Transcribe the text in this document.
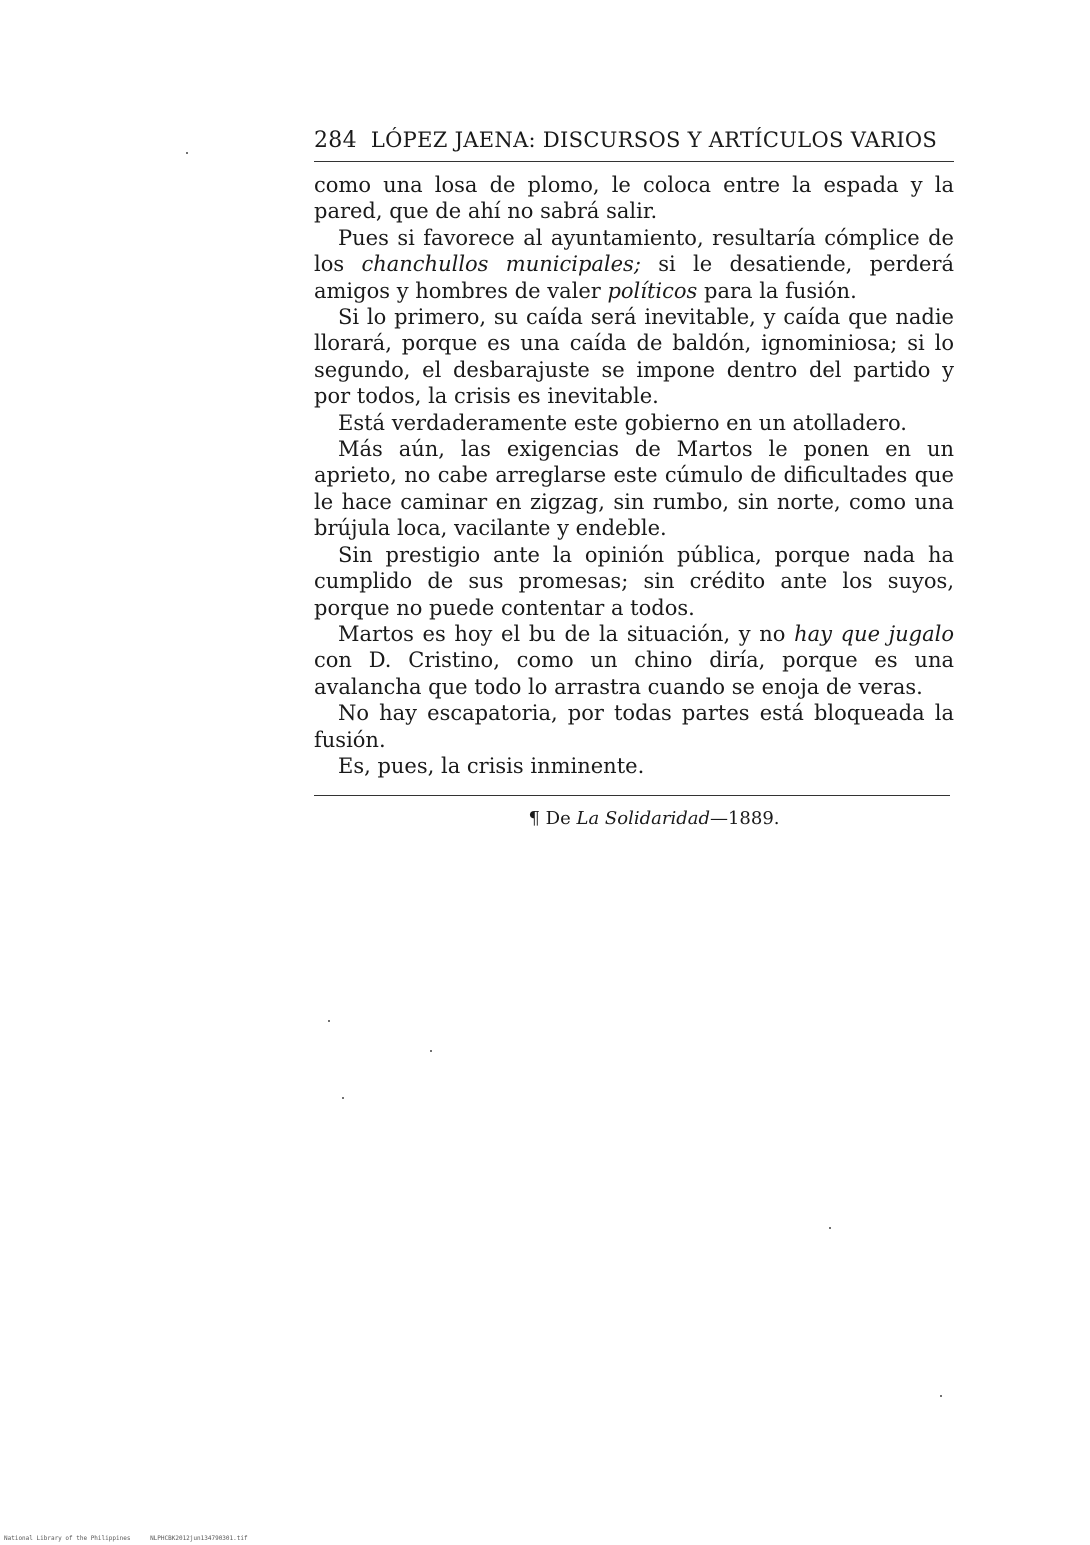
284 LÓPEZ JAENA: DISCURSOS Y ARTÍCULOS VARIOS

como una losa de plomo, le coloca entre la espada y la pared, que de ahí no sabrá salir.

Pues si favorece al ayuntamiento, resultaría cómplice de los chanchullos municipales; si le desatiende, perderá amigos y hombres de valer políticos para la fusión.

Si lo primero, su caída será inevitable, y caída que nadie llorará, porque es una caída de baldón, ignominiosa; si lo segundo, el desbarajuste se impone dentro del partido y por todos, la crisis es inevitable.

Está verdaderamente este gobierno en un atolladero.

Más aún, las exigencias de Martos le ponen en un aprieto, no cabe arreglarse este cúmulo de dificultades que le hace caminar en zigzag, sin rumbo, sin norte, como una brújula loca, vacilante y endeble.

Sin prestigio ante la opinión pública, porque nada ha cumplido de sus promesas; sin crédito ante los suyos, porque no puede contentar a todos.

Martos es hoy el bu de la situación, y no hay que jugalo con D. Cristino, como un chino diría, porque es una avalancha que todo lo arrastra cuando se enoja de veras.

No hay escapatoria, por todas partes está bloqueada la fusión.

Es, pues, la crisis inminente.

¶ De La Solidaridad—1889.
National Library of the Philippines	NLPHCBK2012jun134790301.tif
